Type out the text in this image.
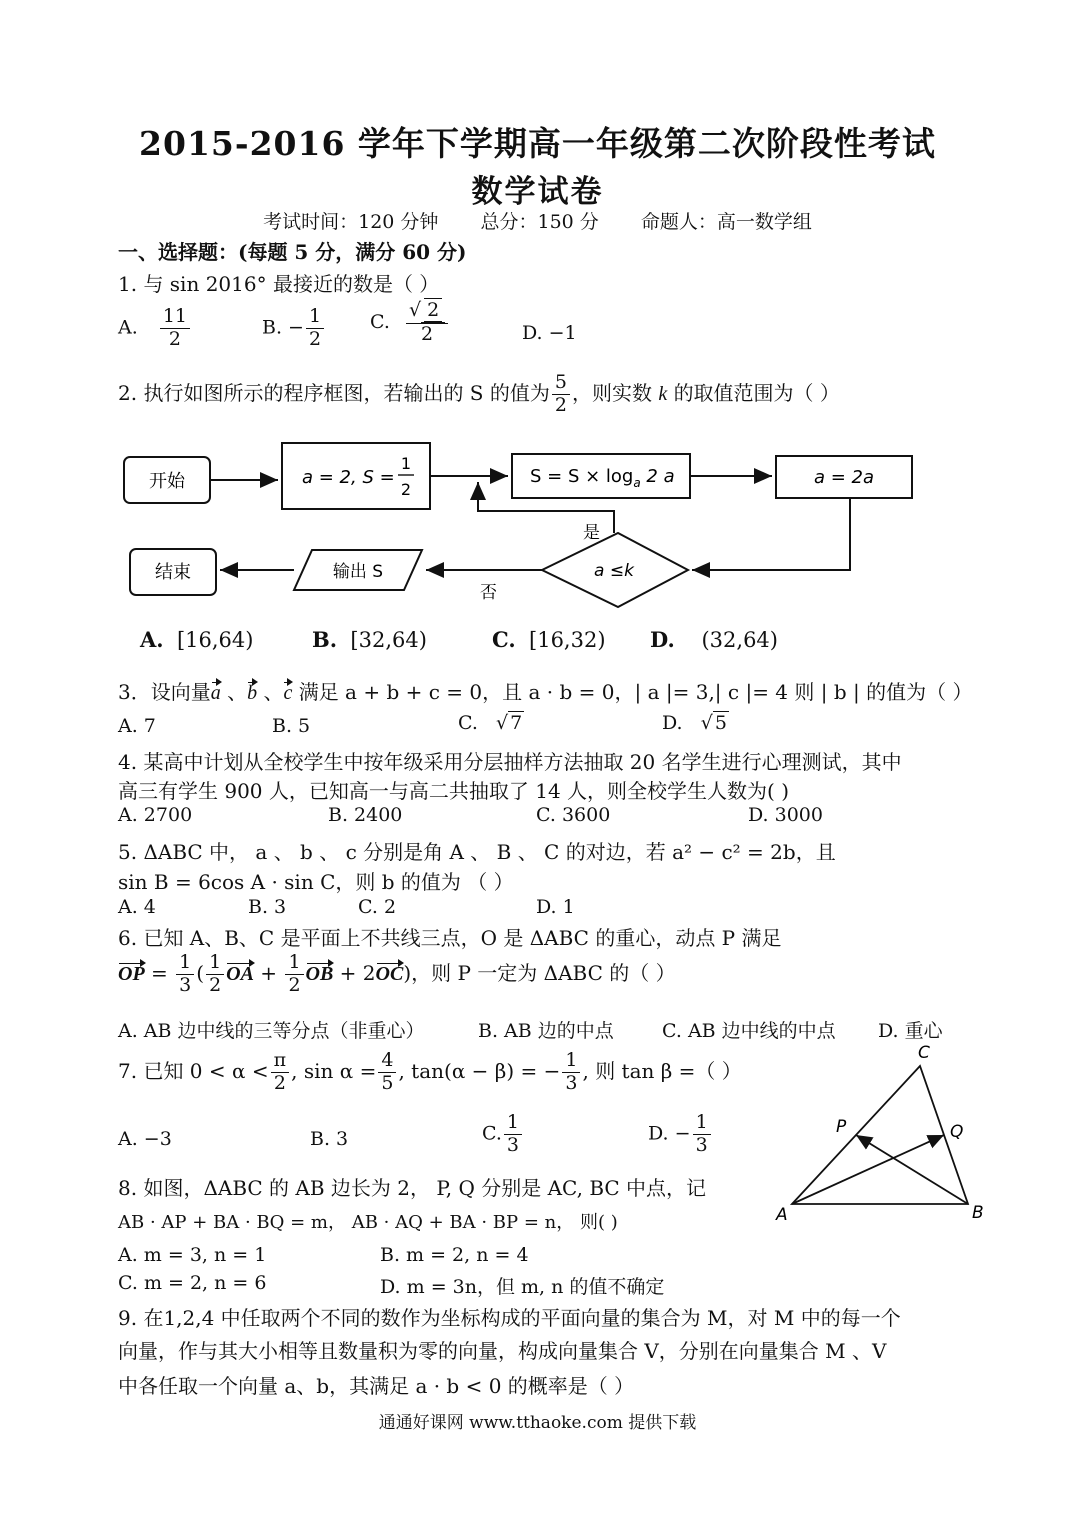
2015-2016 学年下学期高一年级第二次阶段性考试
数学试卷
考试时间：120 分钟 总分：150 分 命题人：高一数学组
一、选择题：(每题 5 分，满分 60 分)
1. 与 sin 2016° 最接近的数是（ ）
A. $\frac{11}{2}$	B. − $\frac{1}{2} C$. $\frac{√ 2}{2}$	D. −1
2. 执行如图所示的程序框图，若输出的 S 的值为 $\frac{5}{2}$ ，则实数 k 的取值范围为（ ）
开始	a = 2, S =
1
2
$S = S \times \log_a 2$ a	a = 2a
a ≤k
是
否
输出 S
结束
A. [16,64)	B. [32,64)	C. [16,32) D. (32,64)
3．设向量a 、b 、c 满足 a + b + c = 0，且 a · b = 0，| a |= 3,| c |= 4 则 | b | 的值为（ ）
A. 7	B. 5	C.   √ 7	D.   √ 5
4. 某高中计划从全校学生中按年级采用分层抽样方法抽取 20 名学生进行心理测试，其中
高三有学生 900 人，已知高一与高二共抽取了 14 人，则全校学生人数为( )
A. 2700	B. 2400	C. 3600	D. 3000
5. ΔABC 中， a 、 b 、 c 分别是角 A 、 B 、 C 的对边，若 a² − c² = 2b，且
sin B = 6cos A · sin C，则 b 的值为 （ ）
A. 4	B. 3	C. 2	D. 1
6. 已知 A、B、C 是平面上不共线三点，O 是 ΔABC 的重心，动点 P 满足
OP = $\frac{1}{3}$ ( $\frac{1}{2}$ OA + $\frac{1}{2}$ OB + 2OC)，则 P 一定为 ΔABC 的（ ）
A. AB 边中线的三等分点（非重心）	B. AB 边的中点	C. AB 边中线的中点 D. 重心
7. 已知 $0 < \alpha < \frac{\pi}{2}$ , $\sin \alpha = \frac{4}{5}$ , tan(α − β) = − $\frac{1}{3}$ , 则 tan β =（ ）
A. −3	B. 3	C. $\frac{1}{3}$	D. − $\frac{1}{3}$
A	B
C
P	Q
8. 如图，ΔABC 的 AB 边长为 2， P, Q 分别是 AC, BC 中点，记
AB · AP + BA · BQ = m， AB · AQ + BA · BP = n， 则( )
A. m = 3, n = 1	B. m = 2, n = 4
C. m = 2, n = 6	D. m = 3n，但 m, n 的值不确定
9. 在1,2,4 中任取两个不同的数作为坐标构成的平面向量的集合为 M，对 M 中的每一个
向量，作与其大小相等且数量积为零的向量，构成向量集合 V，分别在向量集合 M 、V
中各任取一个向量 a、b，其满足 a · b < 0 的概率是（ ）
通通好课网 www.tthaoke.com 提供下载
